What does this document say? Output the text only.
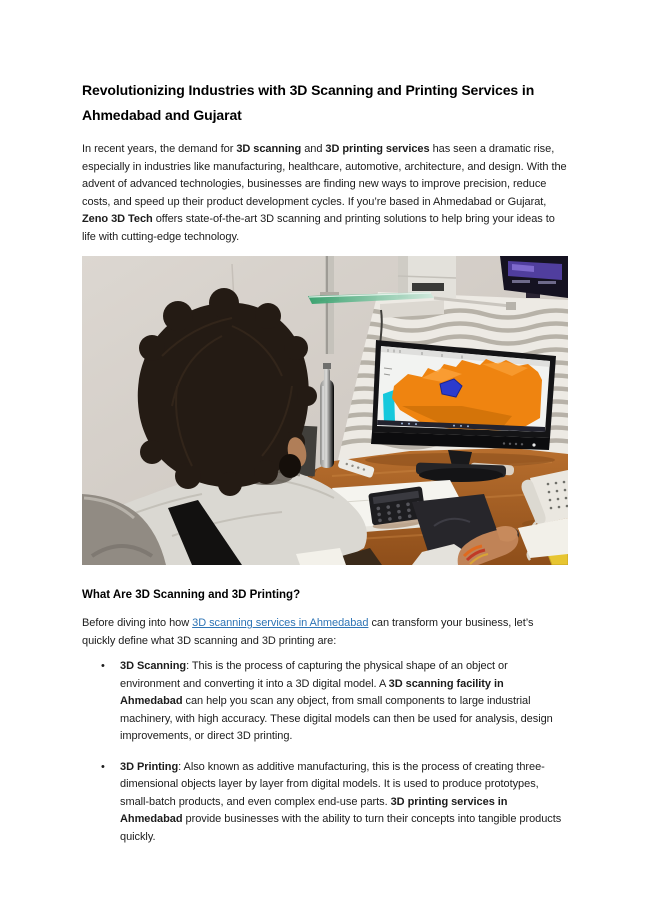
Revolutionizing Industries with 3D Scanning and Printing Services in Ahmedabad and Gujarat

In recent years, the demand for 3D scanning and 3D printing services has seen a dramatic rise, especially in industries like manufacturing, healthcare, automotive, architecture, and design. With the advent of advanced technologies, businesses are finding new ways to improve precision, reduce costs, and speed up their product development cycles. If you’re based in Ahmedabad or Gujarat, Zeno 3D Tech offers state-of-the-art 3D scanning and printing solutions to help bring your ideas to life with cutting-edge technology.

What Are 3D Scanning and 3D Printing?

Before diving into how 3D scanning services in Ahmedabad can transform your business, let’s quickly define what 3D scanning and 3D printing are:

• 3D Scanning: This is the process of capturing the physical shape of an object or environment and converting it into a 3D digital model. A 3D scanning facility in Ahmedabad can help you scan any object, from small components to large industrial machinery, with high accuracy. These digital models can then be used for analysis, design improvements, or direct 3D printing.
• 3D Printing: Also known as additive manufacturing, this is the process of creating three-dimensional objects layer by layer from digital models. It is used to produce prototypes, small-batch products, and even complex end-use parts. 3D printing services in Ahmedabad provide businesses with the ability to turn their concepts into tangible products quickly.
